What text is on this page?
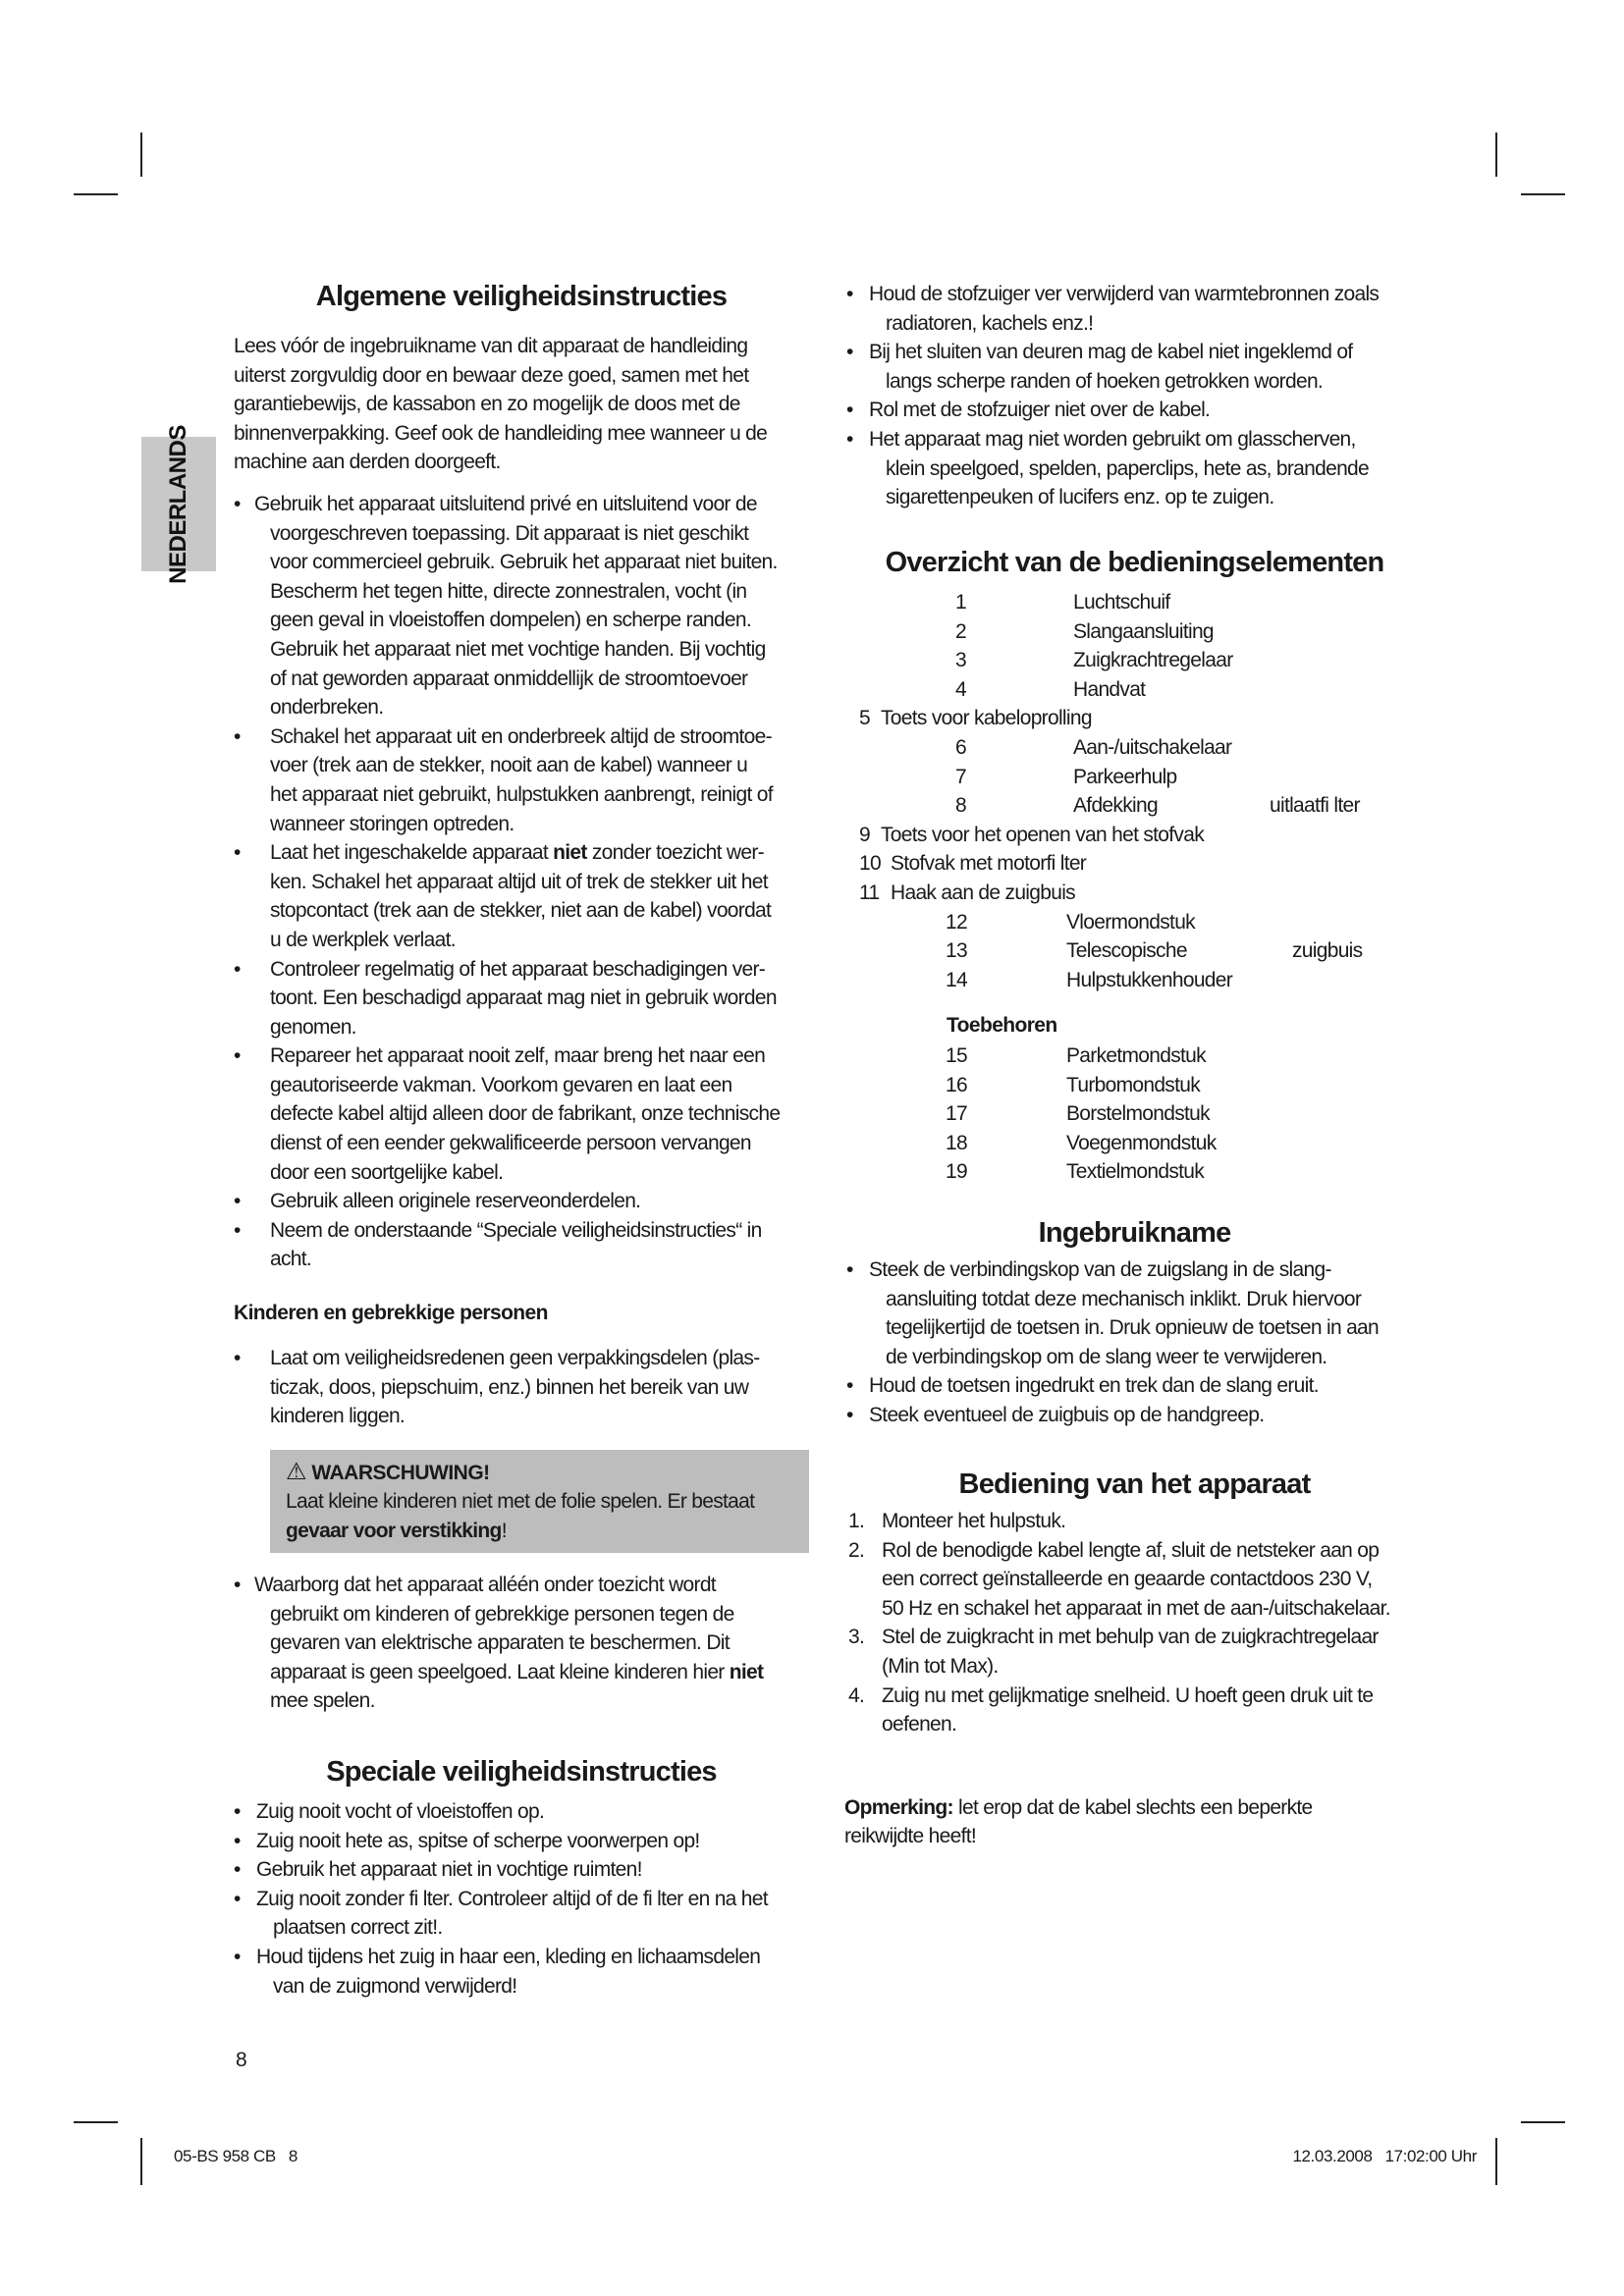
NEDERLANDS
Algemene veiligheidsinstructies
Lees vóór de ingebruikname van dit apparaat de handleiding
uiterst zorgvuldig door en bewaar deze goed, samen met het
garantiebewijs, de kassabon en zo mogelijk de doos met de
binnenverpakking. Geef ook de handleiding mee wanneer u de
machine aan derden doorgeeft.
• Gebruik het apparaat uitsluitend privé en uitsluitend voor de
voorgeschreven toepassing. Dit apparaat is niet geschikt
voor commercieel gebruik. Gebruik het apparaat niet buiten.
Bescherm het tegen hitte, directe zonnestralen, vocht (in
geen geval in vloeistoffen dompelen) en scherpe randen.
Gebruik het apparaat niet met vochtige handen. Bij vochtig
of nat geworden apparaat onmiddellijk de stroomtoevoer
onderbreken.
• Schakel het apparaat uit en onderbreek altijd de stroomtoe-
voer (trek aan de stekker, nooit aan de kabel) wanneer u
het apparaat niet gebruikt, hulpstukken aanbrengt, reinigt of
wanneer storingen optreden.
• Laat het ingeschakelde apparaat niet zonder toezicht wer-
ken. Schakel het apparaat altijd uit of trek de stekker uit het
stopcontact (trek aan de stekker, niet aan de kabel) voordat
u de werkplek verlaat.
• Controleer regelmatig of het apparaat beschadigingen ver-
toont. Een beschadigd apparaat mag niet in gebruik worden
genomen.
• Repareer het apparaat nooit zelf, maar breng het naar een
geautoriseerde vakman. Voorkom gevaren en laat een
defecte kabel altijd alleen door de fabrikant, onze technische
dienst of een eender gekwalificeerde persoon vervangen
door een soortgelijke kabel.
• Gebruik alleen originele reserveonderdelen.
• Neem de onderstaande “Speciale veiligheidsinstructies“ in
acht.
Kinderen en gebrekkige personen
• Laat om veiligheidsredenen geen verpakkingsdelen (plas-
ticzak, doos, piepschuim, enz.) binnen het bereik van uw
kinderen liggen.
⚠ WAARSCHUWING!
Laat kleine kinderen niet met de folie spelen. Er bestaat
gevaar voor verstikking!
• Waarborg dat het apparaat alléén onder toezicht wordt
gebruikt om kinderen of gebrekkige personen tegen de
gevaren van elektrische apparaten te beschermen. Dit
apparaat is geen speelgoed. Laat kleine kinderen hier niet
mee spelen.
Speciale veiligheidsinstructies
• Zuig nooit vocht of vloeistoffen op.
• Zuig nooit hete as, spitse of scherpe voorwerpen op!
• Gebruik het apparaat niet in vochtige ruimten!
• Zuig nooit zonder fi lter. Controleer altijd of de fi lter en na het
plaatsen correct zit!.
• Houd tijdens het zuig in haar een, kleding en lichaamsdelen
van de zuigmond verwijderd!
8
• Houd de stofzuiger ver verwijderd van warmtebronnen zoals
radiatoren, kachels enz.!
• Bij het sluiten van deuren mag de kabel niet ingeklemd of
langs scherpe randen of hoeken getrokken worden.
• Rol met de stofzuiger niet over de kabel.
• Het apparaat mag niet worden gebruikt om glasscherven,
klein speelgoed, spelden, paperclips, hete as, brandende
sigarettenpeuken of lucifers enz. op te zuigen.
Overzicht van de bedieningselementen
1	Luchtschuif
2	Slangaansluiting
3	Zuigkrachtregelaar
4	Handvat
5 Toets voor kabeloprolling
6	Aan-/uitschakelaar
7	Parkeerhulp
8	Afdekking	uitlaatfi lter
9 Toets voor het openen van het stofvak
10 Stofvak met motorfi lter
11 Haak aan de zuigbuis
12	Vloermondstuk
13	Telescopische	zuigbuis
14	Hulpstukkenhouder
Toebehoren
15	Parketmondstuk
16	Turbomondstuk
17	Borstelmondstuk
18	Voegenmondstuk
19	Textielmondstuk
Ingebruikname
• Steek de verbindingskop van de zuigslang in de slang-
aansluiting totdat deze mechanisch inklikt. Druk hiervoor
tegelijkertijd de toetsen in. Druk opnieuw de toetsen in aan
de verbindingskop om de slang weer te verwijderen.
• Houd de toetsen ingedrukt en trek dan de slang eruit.
• Steek eventueel de zuigbuis op de handgreep.
Bediening van het apparaat
1. Monteer het hulpstuk.
2. Rol de benodigde kabel lengte af, sluit de netsteker aan op
een correct geïnstalleerde en geaarde contactdoos 230 V,
50 Hz en schakel het apparaat in met de aan-/uitschakelaar.
3. Stel de zuigkracht in met behulp van de zuigkrachtregelaar
(Min tot Max).
4. Zuig nu met gelijkmatige snelheid. U hoeft geen druk uit te
oefenen.

Opmerking: let erop dat de kabel slechts een beperkte
reikwijdte heeft!

05-BS 958 CB   8	12.03.2008   17:02:00 Uhr
